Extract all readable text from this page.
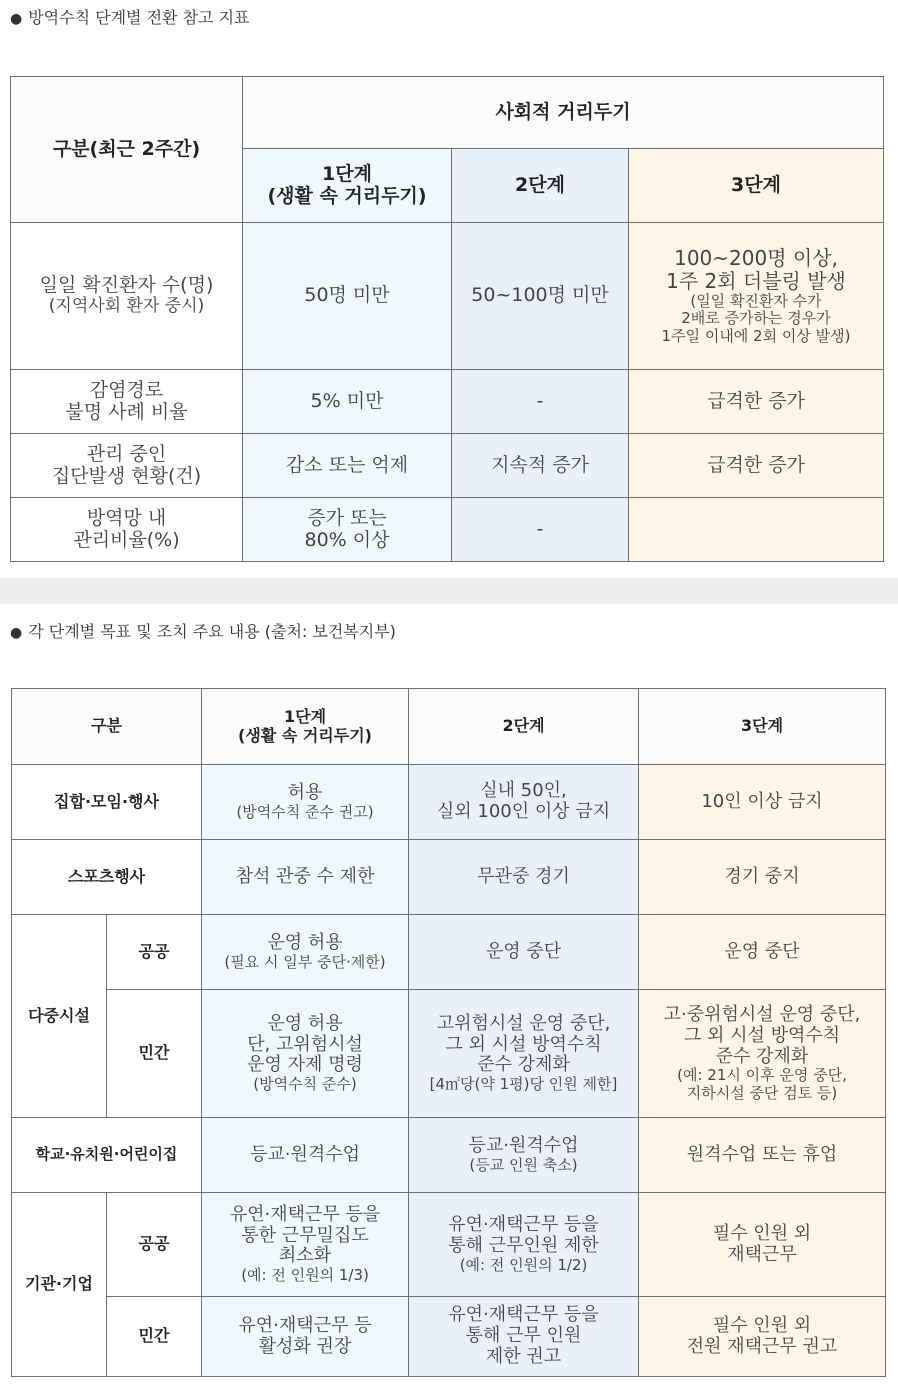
● 방역수칙 단계별 전환 참고 지표
구분(최근 2주간)	사회적 거리두기		

	1단계
(생활 속 거리두기)	2단계	3단계

일일 확진환자 수(명)
(지역사회 환자 중시)	50명 미만	50~100명 미만	100~200명 이상,
1주 2회 더블링 발생
(일일 확진환자 수가
2배로 증가하는 경우가
1주일 이내에 2회 이상 발생)

감염경로
불명 사례 비율	5% 미만	-	급격한 증가

관리 중인
집단발생 현황(건)	감소 또는 억제	지속적 증가	급격한 증가

방역망 내
관리비율(%)	증가 또는
80% 이상	-	
● 각 단계별 목표 및 조치 주요 내용 (출처: 보건복지부)
구분		1단계
(생활 속 거리두기)	2단계	3단계
집합·모임·행사		허용
(방역수칙 준수 권고)	실내 50인,
실외 100인 이상 금지	10인 이상 금지
스포츠행사		참석 관중 수 제한	무관중 경기	경기 중지
다중시설	공공	운영 허용
(필요 시 일부 중단·제한)	운영 중단	운영 중단
	민간	운영 허용
단, 고위험시설
운영 자제 명령
(방역수칙 준수)	고위험시설 운영 중단,
그 외 시설 방역수칙
준수 강제화
[4㎡당(약 1평)당 인원 제한]	고·중위험시설 운영 중단,
그 외 시설 방역수칙
준수 강제화
(예: 21시 이후 운영 중단,
지하시설 중단 검토 등)

학교·유치원·어린이집		등교·원격수업	등교·원격수업
(등교 인원 축소)	원격수업 또는 휴업
기관·기업	공공	유연·재택근무 등을
통한 근무밀집도
최소화
(예: 전 인원의 1/3)	유연·재택근무 등을
통해 근무인원 제한
(예: 전 인원의 1/2)	필수 인원 외
재택근무

	민간	유연·재택근무 등
활성화 권장	유연·재택근무 등을
통해 근무 인원
제한 권고	필수 인원 외
전원 재택근무 권고
